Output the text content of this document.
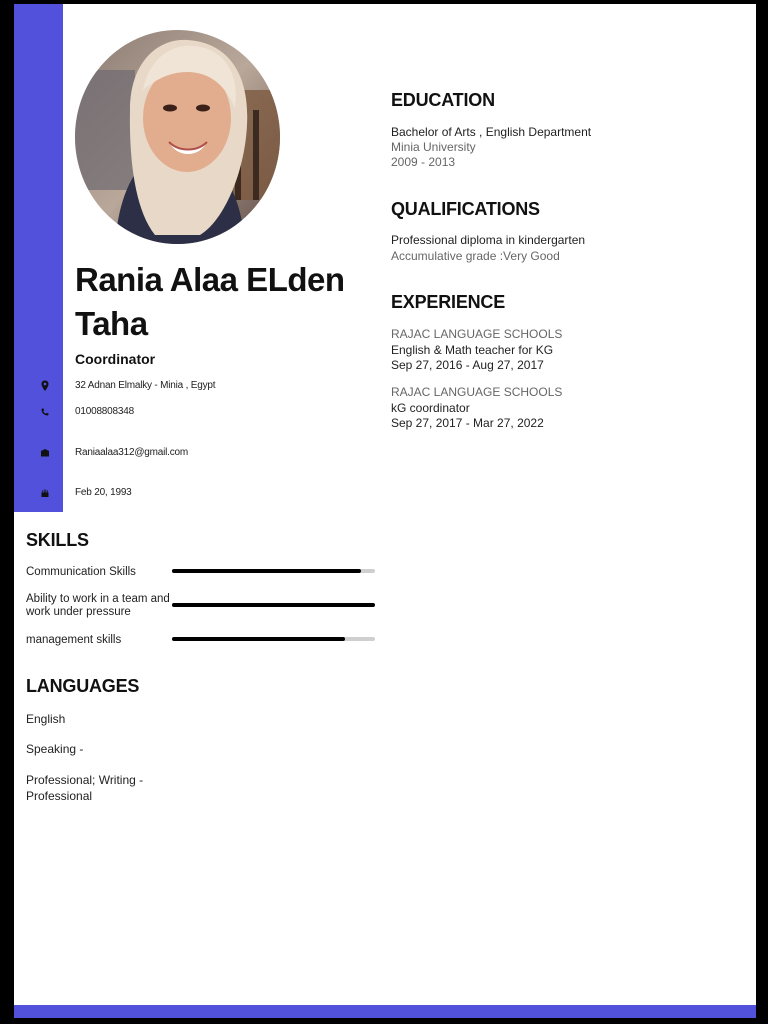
Rania Alaa ELden Taha
Coordinator
32 Adnan Elmalky - Minia , Egypt
01008808348
Raniaalaa312@gmail.com
Feb 20, 1993
EDUCATION
Bachelor of Arts , English Department
Minia University
2009 - 2013
QUALIFICATIONS
Professional diploma in kindergarten
Accumulative grade :Very Good
EXPERIENCE
RAJAC LANGUAGE SCHOOLS
English & Math teacher for KG
Sep 27, 2016 - Aug 27, 2017
RAJAC LANGUAGE SCHOOLS
kG coordinator
Sep 27, 2017 - Mar 27, 2022
SKILLS
Communication Skills
Ability to work in a team and work under pressure
management skills
LANGUAGES
English
Speaking -
Professional; Writing - Professional
